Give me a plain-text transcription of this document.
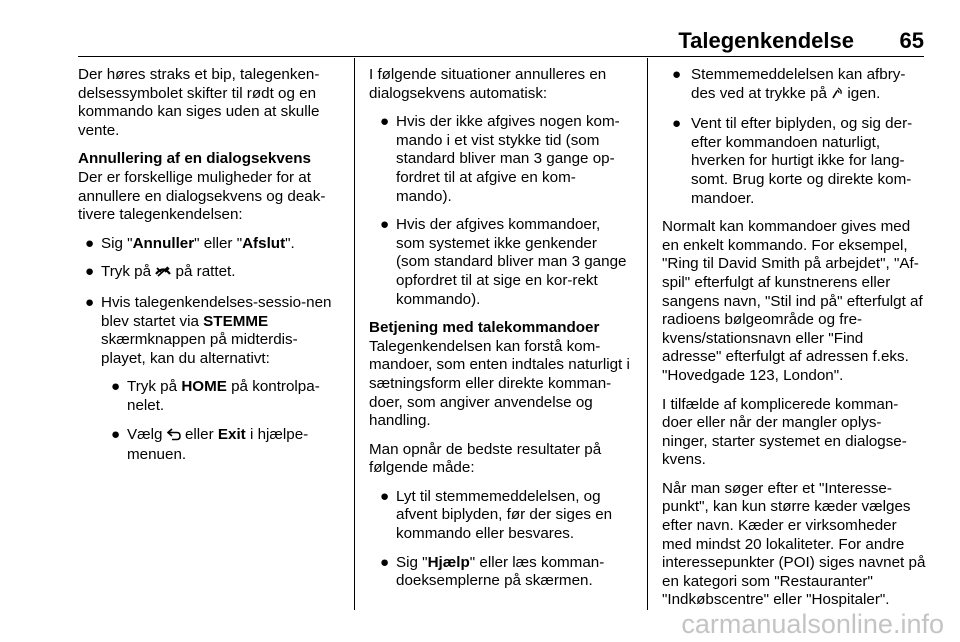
Talegenkendelse 65

Der høres straks et bip, talegenken-delsessymbolet skifter til rødt og en kommando kan siges uden at skulle vente.

Annullering af en dialogsekvens

Der er forskellige muligheder for at annullere en dialogsekvens og deak-tivere talegenkendelsen:

● Sig "Annuller" eller "Afslut".
● Tryk på på rattet.
● Hvis talegenkendelses-sessio-nen blev startet via STEMME skærmknappen på midterdis-playet, kan du alternativt:
● Tryk på HOME på kontrolpa-nelet.
● Vælg eller Exit i hjælpe-menuen.

I følgende situationer annulleres en dialogsekvens automatisk:

● Hvis der ikke afgives nogen kom-mando i et vist stykke tid (som standard bliver man 3 gange op-fordret til at afgive en kom-mando).
● Hvis der afgives kommandoer, som systemet ikke genkender (som standard bliver man 3 gange opfordret til at sige en kor-rekt kommando).
Betjening med talekommandoer

Talegenkendelsen kan forstå kom-mandoer, som enten indtales naturligt i sætningsform eller direkte komman-doer, som angiver anvendelse og handling.

Man opnår de bedste resultater på følgende måde:

● Lyt til stemmemeddelelsen, og afvent biplyden, før der siges en kommando eller besvares.
● Sig "Hjælp" eller læs komman-doeksemplerne på skærmen.
● Stemmemeddelelsen kan afbry-des ved at trykke på igen.
● Vent til efter biplyden, og sig der-efter kommandoen naturligt, hverken for hurtigt ikke for lang-somt. Brug korte og direkte kom-mandoer.

Normalt kan kommandoer gives med en enkelt kommando. For eksempel, "Ring til David Smith på arbejdet", "Af-spil" efterfulgt af kunstnerens eller sangens navn, "Stil ind på" efterfulgt af radioens bølgeområde og fre-kvens/stationsnavn eller "Find adresse" efterfulgt af adressen f.eks. "Hovedgade 123, London".

I tilfælde af komplicerede komman-doer eller når der mangler oplys-ninger, starter systemet en dialogse-kvens.

Når man søger efter et "Interesse-punkt", kan kun større kæder vælges efter navn. Kæder er virksomheder med mindst 20 lokaliteter. For andre interessepunkter (POI) siges navnet på en kategori som "Restauranter" "Indkøbscentre" eller "Hospitaler".

carmanualsonline.info
